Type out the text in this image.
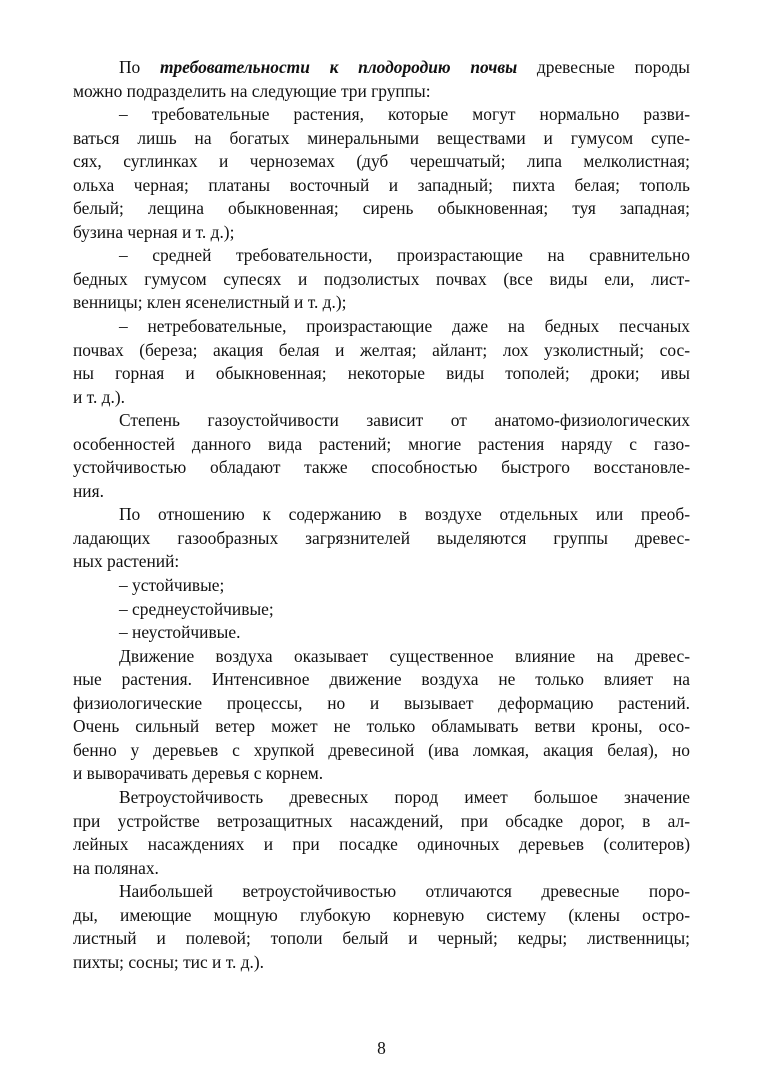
По требовательности к плодородию почвы древесные породы
можно подразделить на следующие три группы:
– требовательные растения, которые могут нормально разви-
ваться лишь на богатых минеральными веществами и гумусом супе-
сях, суглинках и черноземах (дуб черешчатый; липа мелколистная;
ольха черная; платаны восточный и западный; пихта белая; тополь
белый; лещина обыкновенная; сирень обыкновенная; туя западная;
бузина черная и т. д.);
– средней требовательности, произрастающие на сравнительно
бедных гумусом супесях и подзолистых почвах (все виды ели, лист-
венницы; клен ясенелистный и т. д.);
– нетребовательные, произрастающие даже на бедных песчаных
почвах (береза; акация белая и желтая; айлант; лох узколистный; сос-
ны горная и обыкновенная; некоторые виды тополей; дроки; ивы
и т. д.).
Степень газоустойчивости зависит от анатомо-физиологических
особенностей данного вида растений; многие растения наряду с газо-
устойчивостью обладают также способностью быстрого восстановле-
ния.
По отношению к содержанию в воздухе отдельных или преоб-
ладающих газообразных загрязнителей выделяются группы древес-
ных растений:
– устойчивые;
– среднеустойчивые;
– неустойчивые.
Движение воздуха оказывает существенное влияние на древес-
ные растения. Интенсивное движение воздуха не только влияет на
физиологические процессы, но и вызывает деформацию растений.
Очень сильный ветер может не только обламывать ветви кроны, осо-
бенно у деревьев с хрупкой древесиной (ива ломкая, акация белая), но
и выворачивать деревья с корнем.
Ветроустойчивость древесных пород имеет большое значение
при устройстве ветрозащитных насаждений, при обсадке дорог, в ал-
лейных насаждениях и при посадке одиночных деревьев (солитеров)
на полянах.
Наибольшей ветроустойчивостью отличаются древесные поро-
ды, имеющие мощную глубокую корневую систему (клены остро-
листный и полевой; тополи белый и черный; кедры; лиственницы;
пихты; сосны; тис и т. д.).
8
